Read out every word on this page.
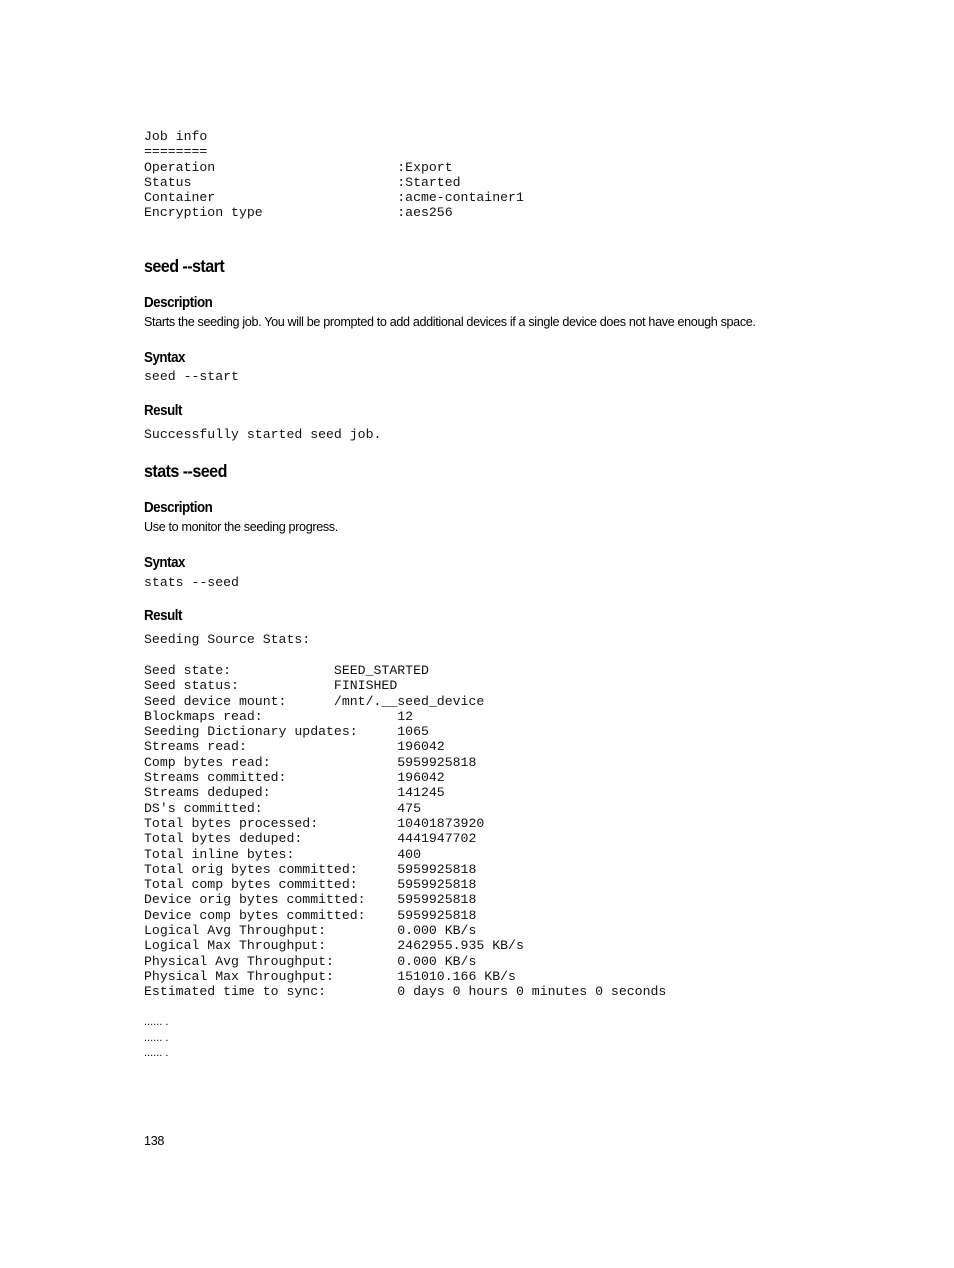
Job info
========
Operation                       :Export
Status                          :Started
Container                       :acme-container1
Encryption type                 :aes256
seed --start
Description
Starts the seeding job. You will be prompted to add additional devices if a single device does not have enough space.
Syntax
seed --start
Result
Successfully started seed job.
stats --seed
Description
Use to monitor the seeding progress.
Syntax
stats --seed
Result
Seeding Source Stats:
Seed state:             SEED_STARTED
Seed status:            FINISHED
Seed device mount:      /mnt/.__seed_device
Blockmaps read:                 12
Seeding Dictionary updates:     1065
Streams read:                   196042
Comp bytes read:                5959925818
Streams committed:              196042
Streams deduped:                141245
DS's committed:                 475
Total bytes processed:          10401873920
Total bytes deduped:            4441947702
Total inline bytes:             400
Total orig bytes committed:     5959925818
Total comp bytes committed:     5959925818
Device orig bytes committed:    5959925818
Device comp bytes committed:    5959925818
Logical Avg Throughput:         0.000 KB/s
Logical Max Throughput:         2462955.935 KB/s
Physical Avg Throughput:        0.000 KB/s
Physical Max Throughput:        151010.166 KB/s
Estimated time to sync:         0 days 0 hours 0 minutes 0 seconds
...... .
...... .
...... .
138
